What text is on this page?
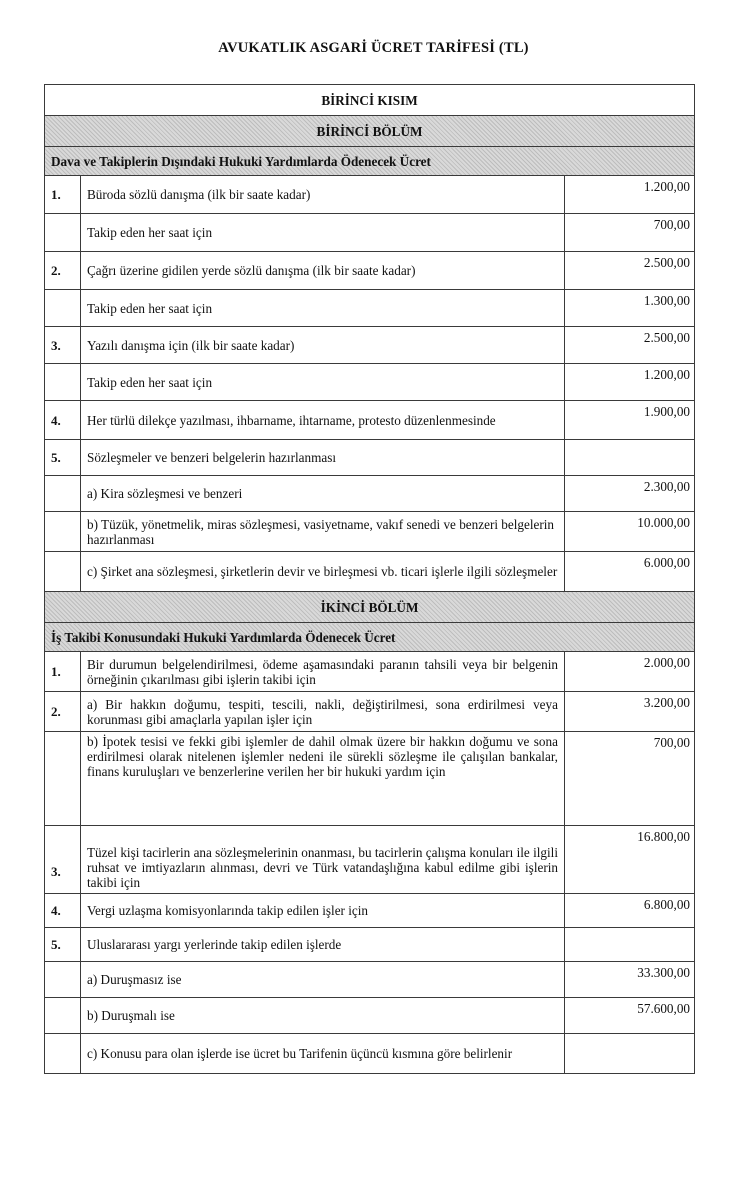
AVUKATLIK ASGARİ ÜCRET TARİFESİ (TL)
BİRİNCİ KISIM		
BİRİNCİ BÖLÜM		
Dava ve Takiplerin Dışındaki Hukuki Yardımlarda Ödenecek Ücret		
1.	Büroda sözlü danışma (ilk bir saate kadar)	1.200,00
	Takip eden her saat için	700,00
2.	Çağrı üzerine gidilen yerde sözlü danışma (ilk bir saate kadar)	2.500,00
	Takip eden her saat için	1.300,00
3.	Yazılı danışma için (ilk bir saate kadar)	2.500,00
	Takip eden her saat için	1.200,00
4.	Her türlü dilekçe yazılması, ihbarname, ihtarname, protesto düzenlenmesinde	1.900,00
5.	Sözleşmeler ve benzeri belgelerin hazırlanması	
	a) Kira sözleşmesi ve benzeri	2.300,00
	b) Tüzük, yönetmelik, miras sözleşmesi, vasiyetname, vakıf senedi ve benzeri belgelerin hazırlanması	10.000,00
	c) Şirket ana sözleşmesi, şirketlerin devir ve birleşmesi vb. ticari işlerle ilgili sözleşmeler	6.000,00
İKİNCİ BÖLÜM		
İş Takibi Konusundaki Hukuki Yardımlarda Ödenecek Ücret		
1.	Bir durumun belgelendirilmesi, ödeme aşamasındaki paranın tahsili veya bir belgenin örneğinin çıkarılması gibi işlerin takibi için	2.000,00
2.	a) Bir hakkın doğumu, tespiti, tescili, nakli, değiştirilmesi, sona erdirilmesi veya korunması gibi amaçlarla yapılan işler için	3.200,00
	b) İpotek tesisi ve fekki gibi işlemler de dahil olmak üzere bir hakkın doğumu ve sona erdirilmesi olarak nitelenen işlemler nedeni ile sürekli sözleşme ile çalışılan bankalar, finans kuruluşları ve benzerlerine verilen her bir hukuki yardım için	700,00
3.	Tüzel kişi tacirlerin ana sözleşmelerinin onanması, bu tacirlerin çalışma konuları ile ilgili ruhsat ve imtiyazların alınması, devri ve Türk vatandaşlığına kabul edilme gibi işlerin takibi için	16.800,00
4.	Vergi uzlaşma komisyonlarında takip edilen işler için	6.800,00
5.	Uluslararası yargı yerlerinde takip edilen işlerde	
	a) Duruşmasız ise	33.300,00
	b) Duruşmalı ise	57.600,00
	c) Konusu para olan işlerde ise ücret bu Tarifenin üçüncü kısmına göre belirlenir	
